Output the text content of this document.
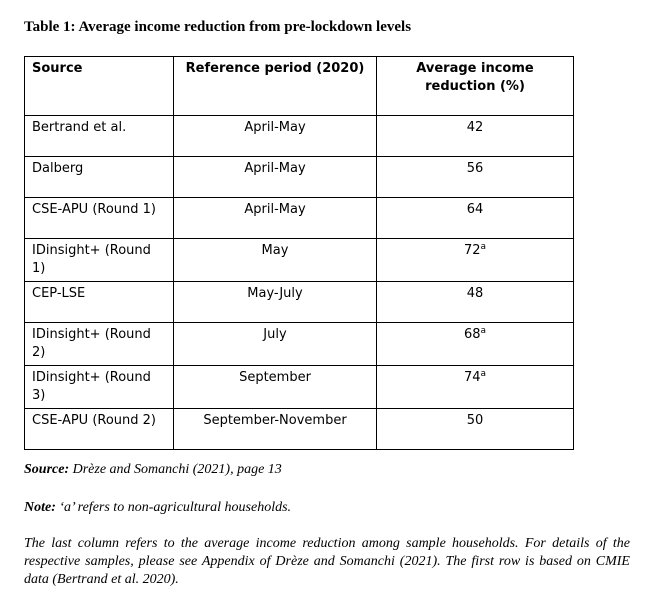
Table 1: Average income reduction from pre-lockdown levels
Source	Reference period (2020)	Average income reduction (%)
Bertrand et al.	April-May	42
Dalberg	April-May	56
CSE-APU (Round 1)	April-May	64
IDinsight+ (Round 1)	May	72$^a$
CEP-LSE	May-July	48
IDinsight+ (Round 2)	July	68$^a$
IDinsight+ (Round 3)	September	74$^a$
CSE-APU (Round 2)	September-November	50

Source: Drèze and Somanchi (2021), page 13

Note: ‘a’ refers to non-agricultural households.

The last column refers to the average income reduction among sample households. For details of the respective samples, please see Appendix of Drèze and Somanchi (2021). The first row is based on CMIE data (Bertrand et al. 2020).
